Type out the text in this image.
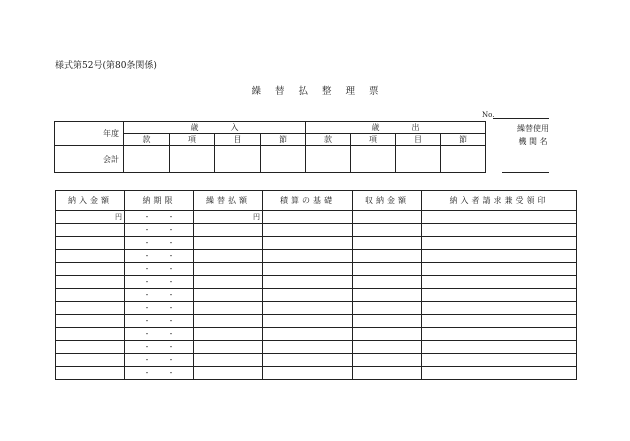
様式第52号(第80条関係)
繰替払整理票
No.
年度	歳　　　　入				歳　　　　出			
	款	項	目	節	款	項	目	節
会計								
繰替使用
機 関 名
納入金額	納期限	繰替払額	積算の基礎	収納金額	納入者請求兼受領印
円	・ ・	円			

	・ ・				

	・ ・				

	・ ・				

	・ ・				

	・ ・				

	・ ・				

	・ ・				

	・ ・				

	・ ・				

	・ ・				

	・ ・				

	・ ・				
